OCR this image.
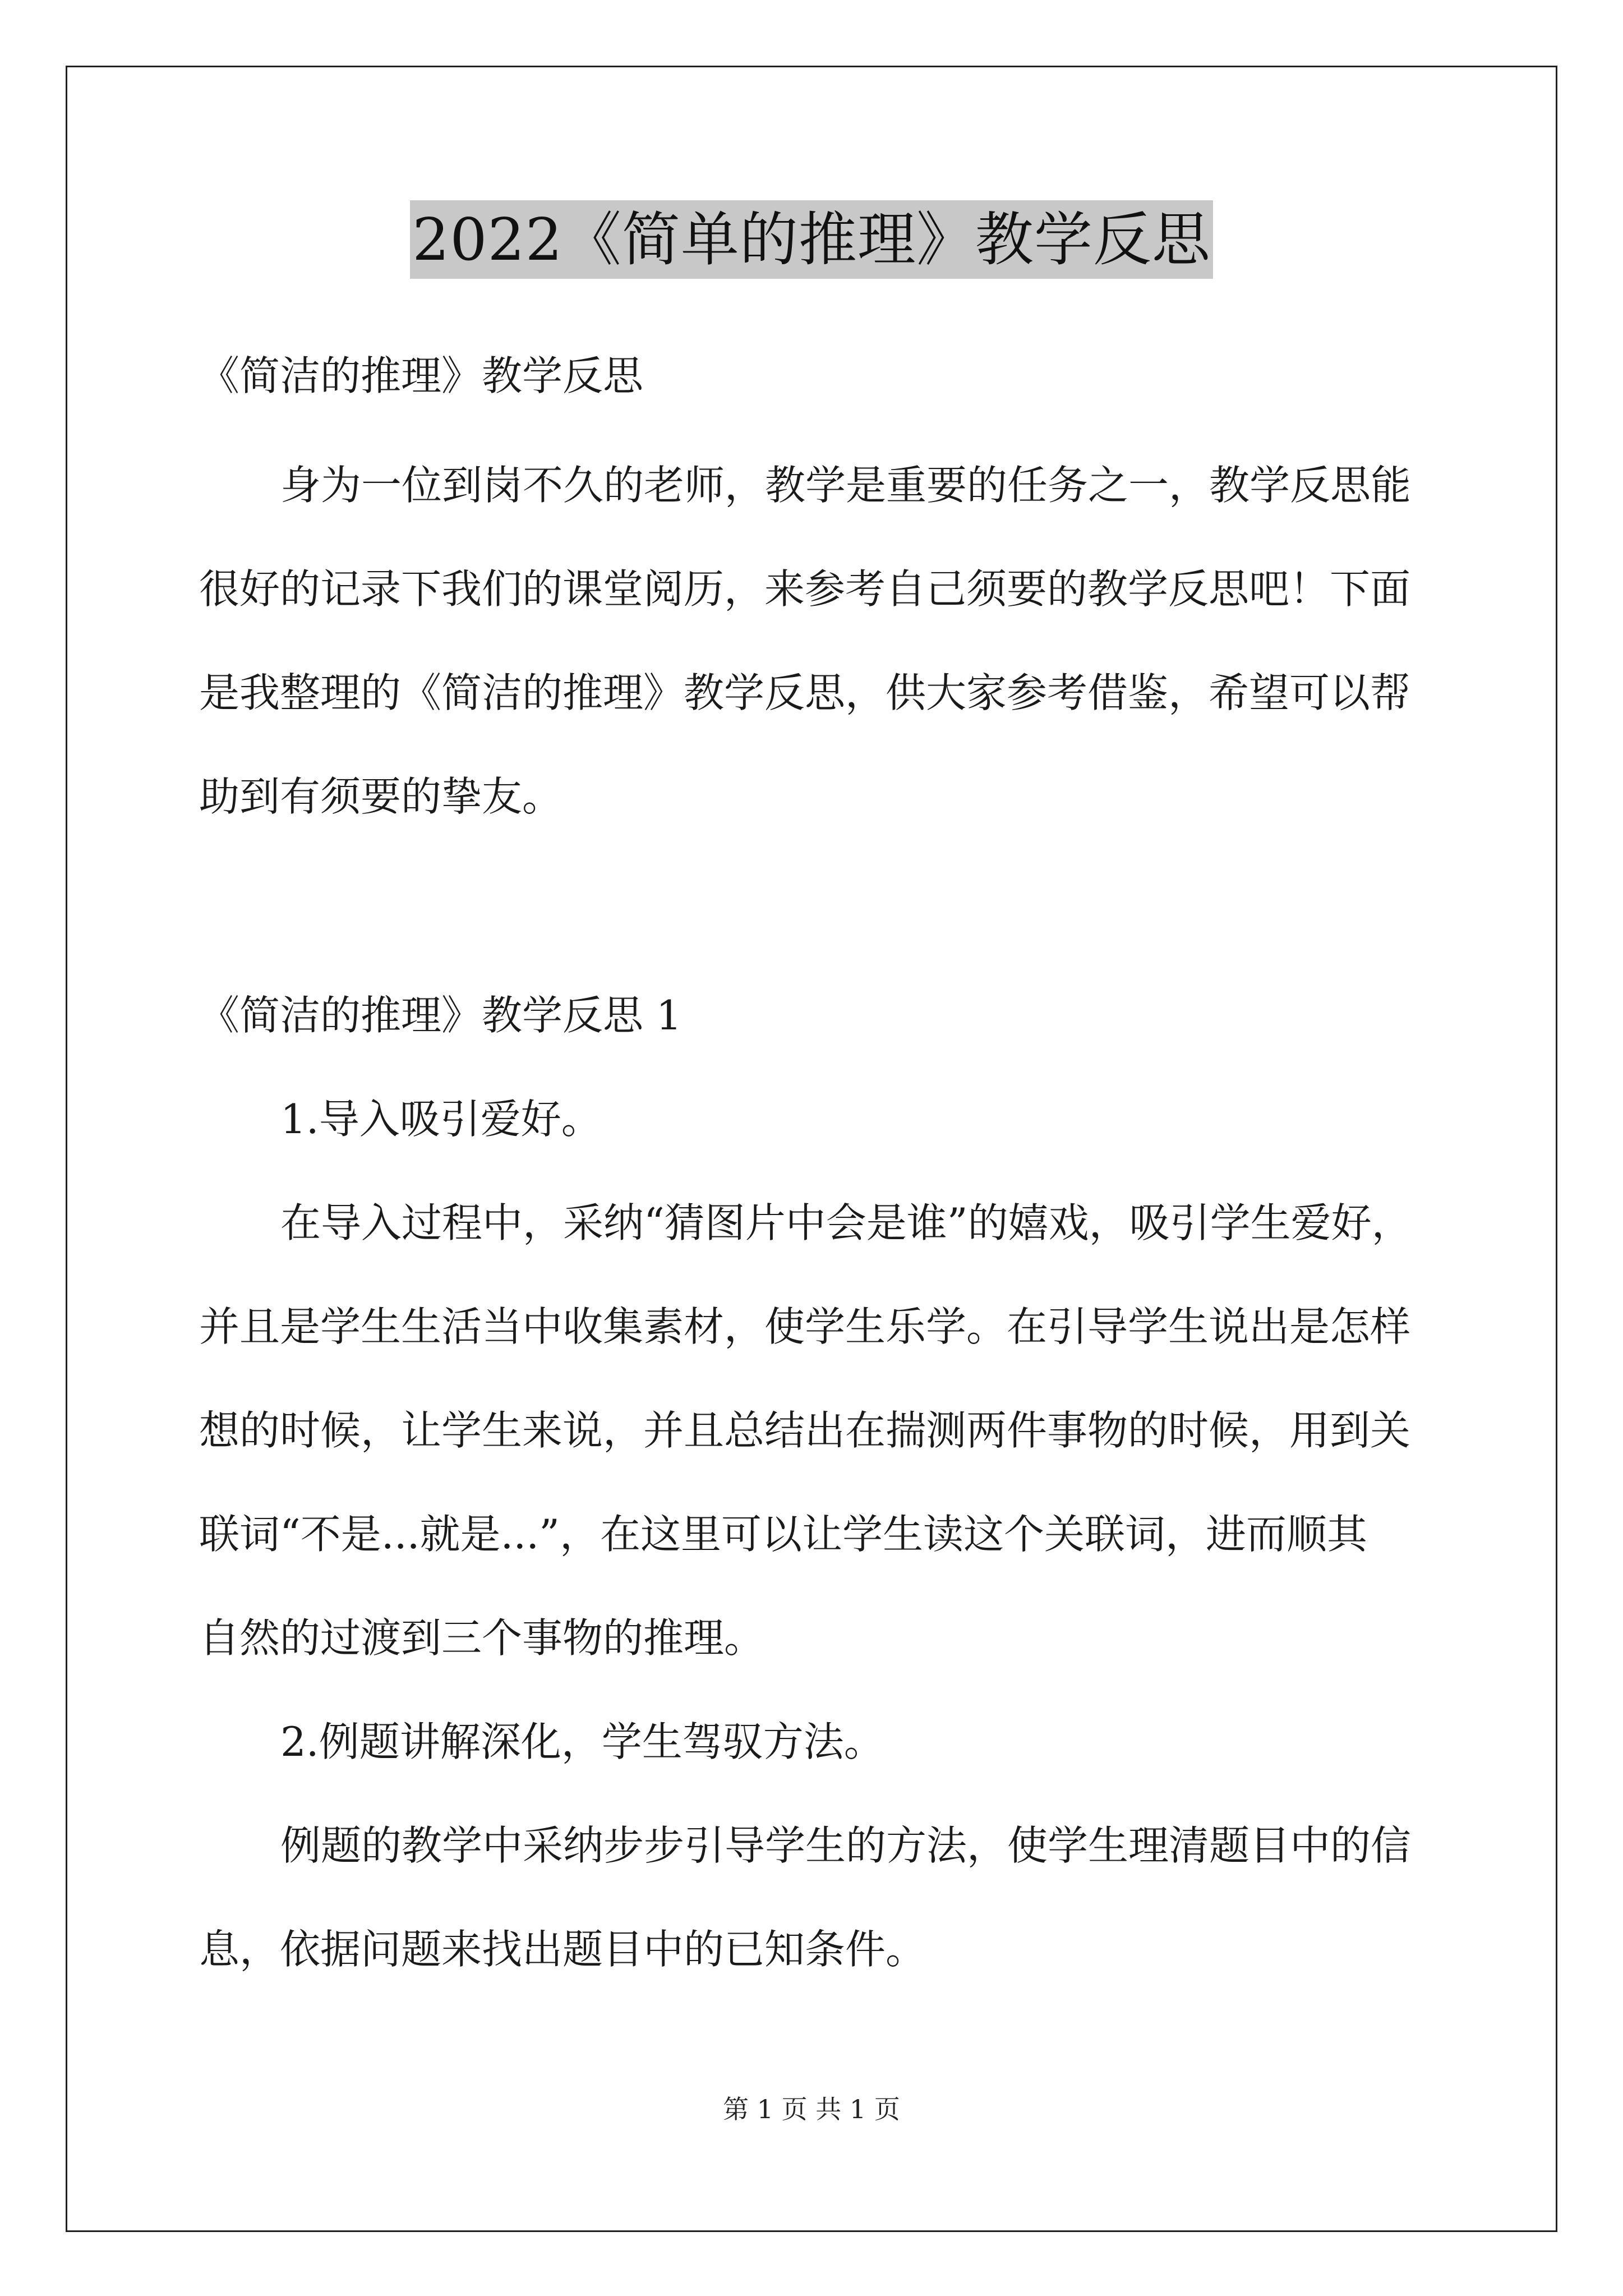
2022《简单的推理》教学反思
《简洁的推理》教学反思
身为一位到岗不久的老师，教学是重要的任务之一，教学反思能
很好的记录下我们的课堂阅历，来参考自己须要的教学反思吧！下面
是我整理的《简洁的推理》教学反思，供大家参考借鉴，希望可以帮
助到有须要的挚友。
《简洁的推理》教学反思 1
1.导入吸引爱好。
在导入过程中，采纳“猜图片中会是谁”的嬉戏，吸引学生爱好，
并且是学生生活当中收集素材，使学生乐学。在引导学生说出是怎样
想的时候，让学生来说，并且总结出在揣测两件事物的时候，用到关
联词“不是...就是...”，在这里可以让学生读这个关联词，进而顺其
自然的过渡到三个事物的推理。
2.例题讲解深化，学生驾驭方法。
例题的教学中采纳步步引导学生的方法，使学生理清题目中的信
息，依据问题来找出题目中的已知条件。
第 1 页 共 1 页
